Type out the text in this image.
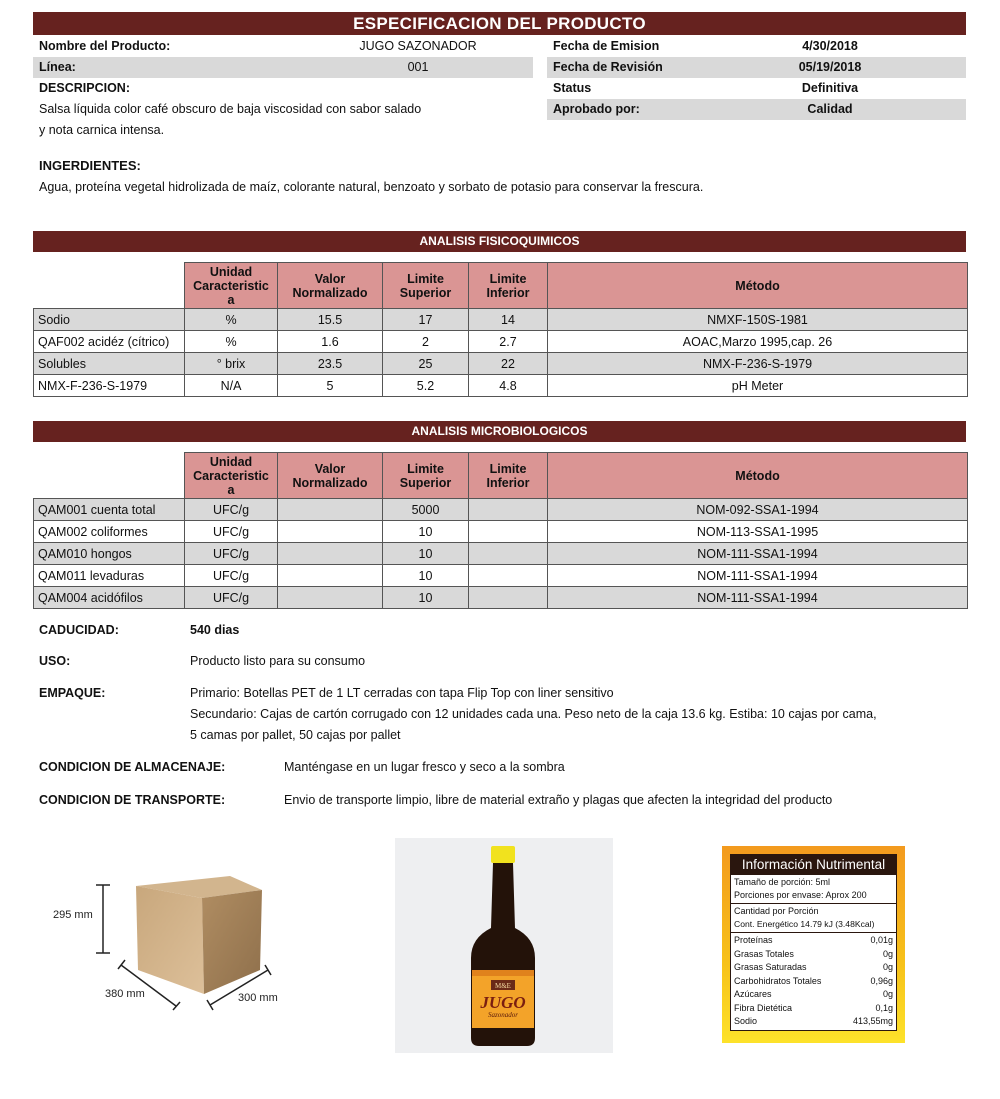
ESPECIFICACION DEL PRODUCTO
Nombre del Producto:	JUGO SAZONADOR
Línea:	001
DESCRIPCION:
Salsa líquida color café obscuro de baja viscosidad con sabor salado
y nota carnica intensa.
Fecha de Emision	4/30/2018
Fecha de Revisión	05/19/2018
Status	Definitiva
Aprobado por:	Calidad
INGERDIENTES:
Agua, proteína vegetal hidrolizada de maíz, colorante natural, benzoato y sorbato de potasio para conservar la frescura.
ANALISIS FISICOQUIMICOS
	Unidad Caracteristic a	Valor Normalizado	Limite Superior	Limite Inferior	Método
Sodio	%	15.5	17	14	NMXF-150S-1981
QAF002 acidéz (cítrico)	%	1.6	2	2.7	AOAC,Marzo 1995,cap. 26
Solubles	° brix	23.5	25	22	NMX-F-236-S-1979
NMX-F-236-S-1979	N/A	5	5.2	4.8	pH Meter
ANALISIS MICROBIOLOGICOS
	Unidad Caracteristic a	Valor Normalizado	Limite Superior	Limite Inferior	Método
QAM001 cuenta total	UFC/g		5000		NOM-092-SSA1-1994
QAM002 coliformes	UFC/g		10		NOM-113-SSA1-1995
QAM010 hongos	UFC/g		10		NOM-111-SSA1-1994
QAM011 levaduras	UFC/g		10		NOM-111-SSA1-1994
QAM004 acidófilos	UFC/g		10		NOM-111-SSA1-1994
CADUCIDAD:	540 dias
USO:	Producto listo para su consumo
EMPAQUE:	Primario: Botellas PET de 1 LT cerradas con tapa Flip Top con liner sensitivo
Secundario: Cajas de cartón corrugado con 12 unidades cada una. Peso neto de la caja 13.6 kg. Estiba: 10 cajas por cama,
5 camas por pallet, 50 cajas por pallet
CONDICION DE ALMACENAJE:	Manténgase en un lugar fresco y seco a la sombra
CONDICION DE TRANSPORTE:	Envio de transporte limpio, libre de material extraño y plagas que afecten la integridad del producto
295 mm
380 mm	300 mm
M&E
JUGO
Sazonador
Información Nutrimental
Tamaño de porción: 5ml
Porciones por envase: Aprox 200
Cantidad por Porción
Cont. Energético 14.79 kJ (3.48Kcal)
Proteínas	0,01g
Grasas Totales	0g
Grasas Saturadas	0g
Carbohidratos Totales	0,96g
Azúcares	0g
Fibra Dietética	0,1g
Sodio	413,55mg
